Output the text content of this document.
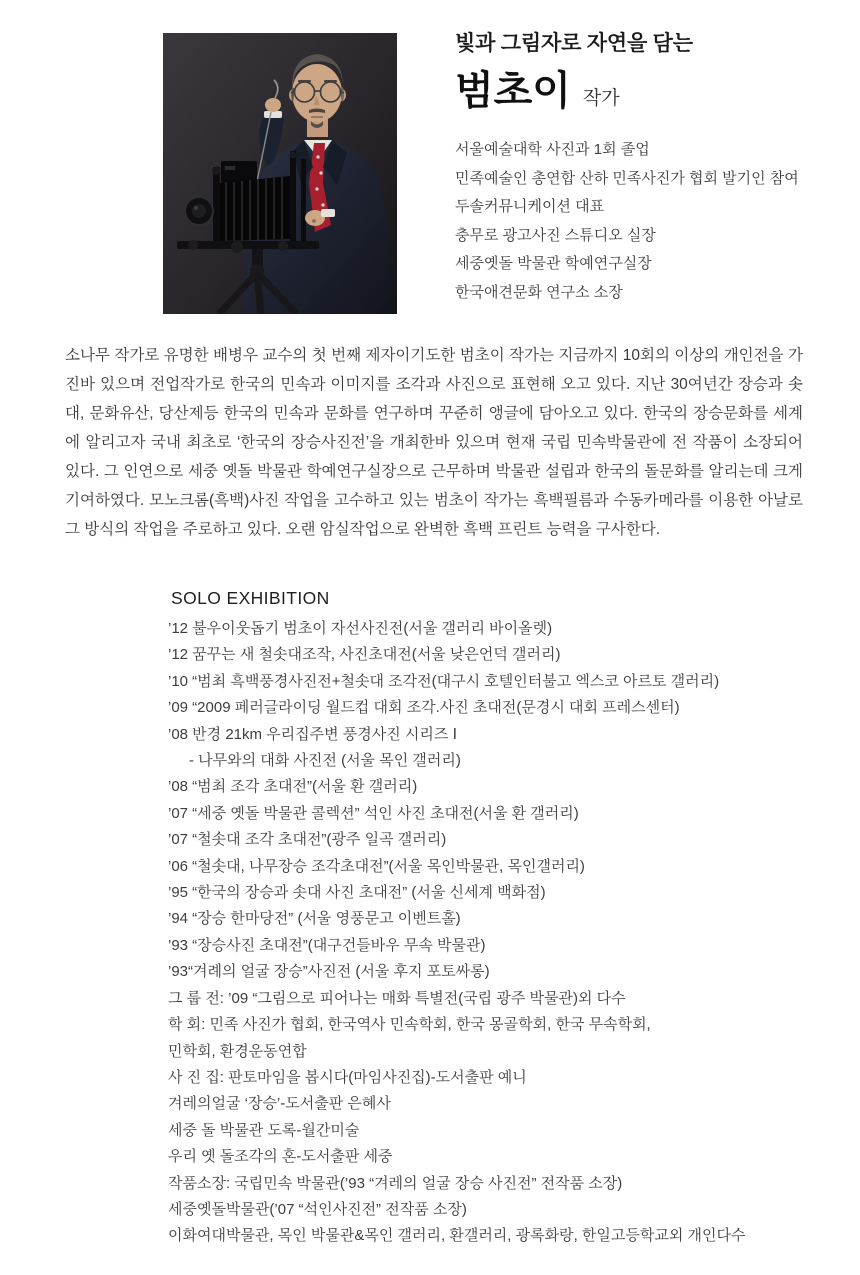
빛과 그림자로 자연을 담는
범초이 작가
서울예술대학 사진과 1회 졸업
민족예술인 총연합 산하 민족사진가 협회 발기인 참여
두솔커뮤니케이션 대표
충무로 광고사진 스튜디오 실장
세중옛돌 박물관 학예연구실장
한국애견문화 연구소 소장
소나무 작가로 유명한 배병우 교수의 첫 번째 제자이기도한 범초이 작가는 지금까지 10회의 이상의 개인전을 가진바 있으며 전업작가로 한국의 민속과 이미지를 조각과 사진으로 표현해 오고 있다. 지난 30여년간 장승과 솟대, 문화유산, 당산제등 한국의 민속과 문화를 연구하며 꾸준히 앵글에 담아오고 있다. 한국의 장승문화를 세계에 알리고자 국내 최초로 ‘한국의 장승사진전’을 개최한바 있으며 현재 국립 민속박물관에 전 작품이 소장되어 있다. 그 인연으로 세중 옛돌 박물관 학예연구실장으로 근무하며 박물관 설립과 한국의 돌문화를 알리는데 크게 기여하였다. 모노크롬(흑백)사진 작업을 고수하고 있는 범초이 작가는 흑백필름과 수동카메라를 이용한 아날로그 방식의 작업을 주로하고 있다. 오랜 암실작업으로 완벽한 흑백 프린트 능력을 구사한다.
SOLO EXHIBITION
’12 불우이웃돕기 범초이 자선사진전(서울 갤러리 바이올렛)
’12 꿈꾸는 새 철솟대조작, 사진초대전(서울 낮은언덕 갤러리)
’10 “범최 흑백풍경사진전+철솟대 조각전(대구시 호텔인터불고 엑스코 아르토 갤러리)
’09 “2009 페러글라이딩 월드컵 대회 조각.사진 초대전(문경시 대회 프레스센터)
’08 반경 21km 우리집주변 풍경사진 시리즈 Ⅰ
- 나무와의 대화 사진전 (서울 목인 갤러리)
’08 “범최 조각 초대전”(서울 환 갤러리)
’07 “세중 옛돌 박물관 콜렉션” 석인 사진 초대전(서울 환 갤러리)
’07 “철솟대 조각 초대전”(광주 일곡 갤러리)
’06 “철솟대, 나무장승 조각초대전”(서울 목인박물관, 목인갤러리)
’95 “한국의 장승과 솟대 사진 초대전” (서울 신세계 백화점)
’94 “장승 한마당전” (서울 영풍문고 이벤트홀)
’93 “장승사진 초대전”(대구건들바우 무속 박물관)
’93“겨례의 얼굴 장승”사진전 (서울 후지 포토싸롱)
그 룹 전: ’09 “그림으로 피어나는 매화 특별전(국립 광주 박물관)외 다수
학 회: 민족 사진가 협회, 한국역사 민속학회, 한국 몽골학회, 한국 무속학회,
민학회, 환경운동연합
사 진 집: 판토마임을 봅시다(마임사진집)-도서출판 예니
겨레의얼굴 ‘장승’-도서출판 은혜사
세중 돌 박물관 도록-월간미술
우리 옛 돌조각의 혼-도서출판 세중
작품소장: 국립민속 박물관(’93 “겨레의 얼굴 장승 사진전” 전작품 소장)
세중옛돌박물관(’07 “석인사진전” 전작품 소장)
이화여대박물관, 목인 박물관&목인 갤러리, 환갤러리, 광록화랑, 한일고등학교외 개인다수
